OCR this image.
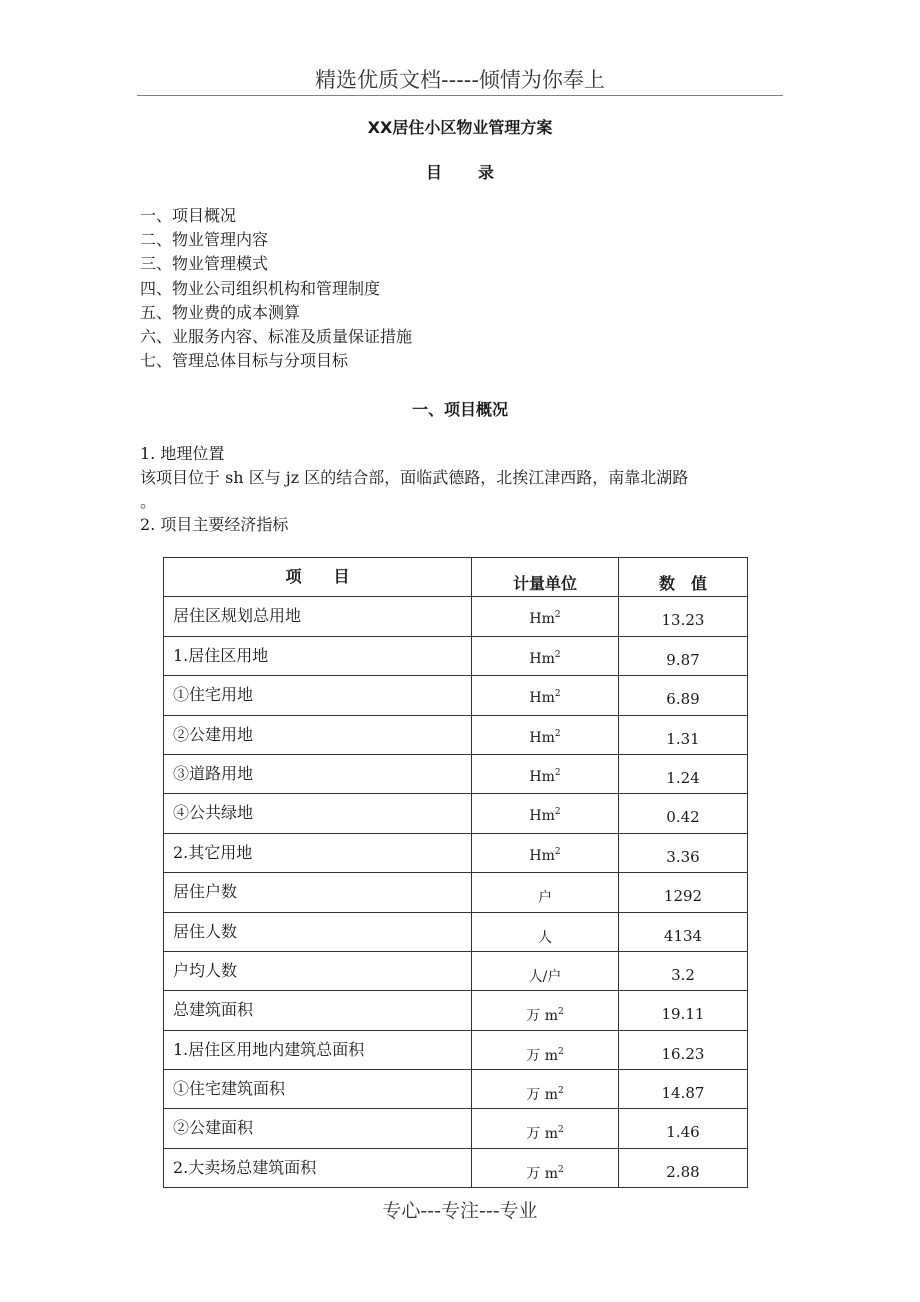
精选优质文档-----倾情为你奉上
XX居住小区物业管理方案
目 录
一、项目概况
二、物业管理内容
三、物业管理模式
四、物业公司组织机构和管理制度
五、物业费的成本测算
六、业服务内容、标准及质量保证措施
七、管理总体目标与分项目标
一、项目概况
1. 地理位置
该项目位于 sh 区与 jz 区的结合部，面临武德路，北挨江津西路，南靠北湖路
。
2. 项目主要经济指标
项　　目	计量单位	数　值

居住区规划总用地	Hm$^2$	13.23

1.居住区用地	Hm$^2$	9.87

①住宅用地	Hm$^2$	6.89

②公建用地	Hm$^2$	1.31

③道路用地	Hm$^2$	1.24

④公共绿地	Hm$^2$	0.42

2.其它用地	Hm$^2$	3.36

居住户数	户	1292

居住人数	人	4134

户均人数	人/户	3.2

总建筑面积	万 $m^2$	19.11

1.居住区用地内建筑总面积	万 $m^2$	16.23

①住宅建筑面积	万 $m^2$	14.87

②公建面积	万 $m^2$	1.46

2.大卖场总建筑面积	万 $m^2$	2.88
专心---专注---专业
